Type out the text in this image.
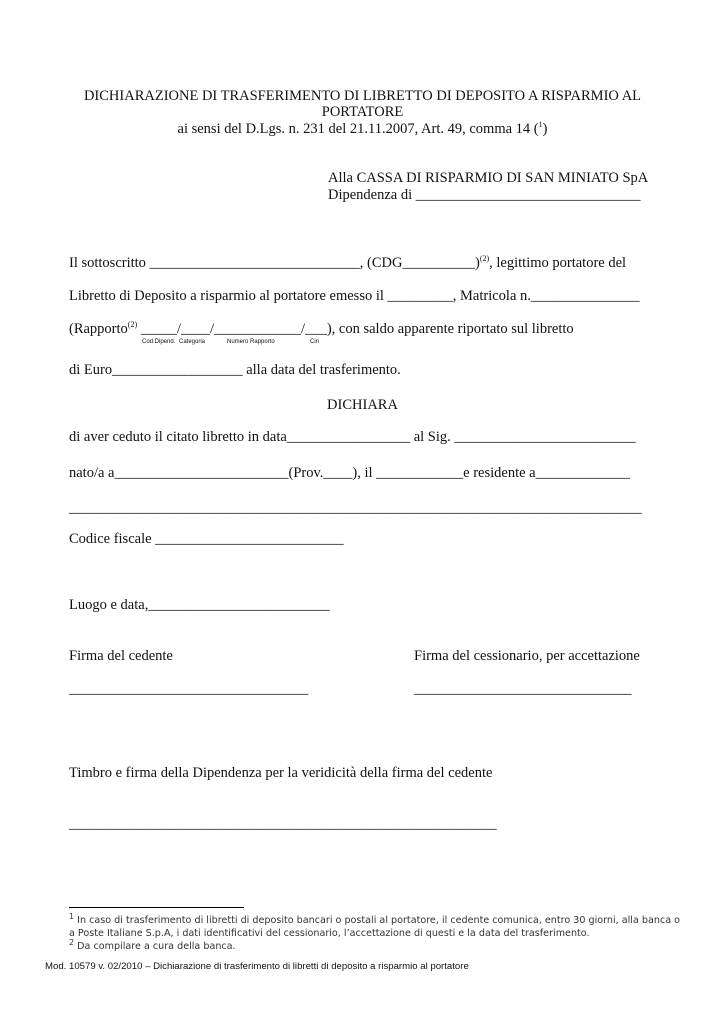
DICHIARAZIONE DI TRASFERIMENTO DI LIBRETTO DI DEPOSITO A RISPARMIO AL
PORTATORE
ai sensi del D.Lgs. n. 231 del 21.11.2007, Art. 49, comma 14 ($^1$)
Alla CASSA DI RISPARMIO DI SAN MINIATO SpA
Dipendenza di _______________________________
Il sottoscritto _____________________________, (CDG__________)$^{(2)}$, legittimo portatore del
Libretto di Deposito a risparmio al portatore emesso il _________, Matricola n._______________
(Rapporto$^{(2)}$ _____/____/____________/___), con saldo apparente riportato sul libretto
Cod.Dipend. Categoria	Numero Rapporto	Cin
di Euro__________________ alla data del trasferimento.
DICHIARA
di aver ceduto il citato libretto in data_________________ al Sig. _________________________
nato/a a________________________(Prov.____), il ____________e residente a_____________
_______________________________________________________________________________
Codice fiscale __________________________
Luogo e data,_________________________
Firma del cedente	Firma del cessionario, per accettazione
_________________________________	______________________________
Timbro e firma della Dipendenza per la veridicità della firma del cedente
___________________________________________________________
$^1$ In caso di trasferimento di libretti di deposito bancari o postali al portatore, il cedente comunica, entro 30 giorni, alla banca o
a Poste Italiane S.p.A, i dati identificativi del cessionario, l’accettazione di questi e la data del trasferimento.
$^2$ Da compilare a cura della banca.
Mod. 10579 v. 02/2010 – Dichiarazione di trasferimento di libretti di deposito a risparmio al portatore
